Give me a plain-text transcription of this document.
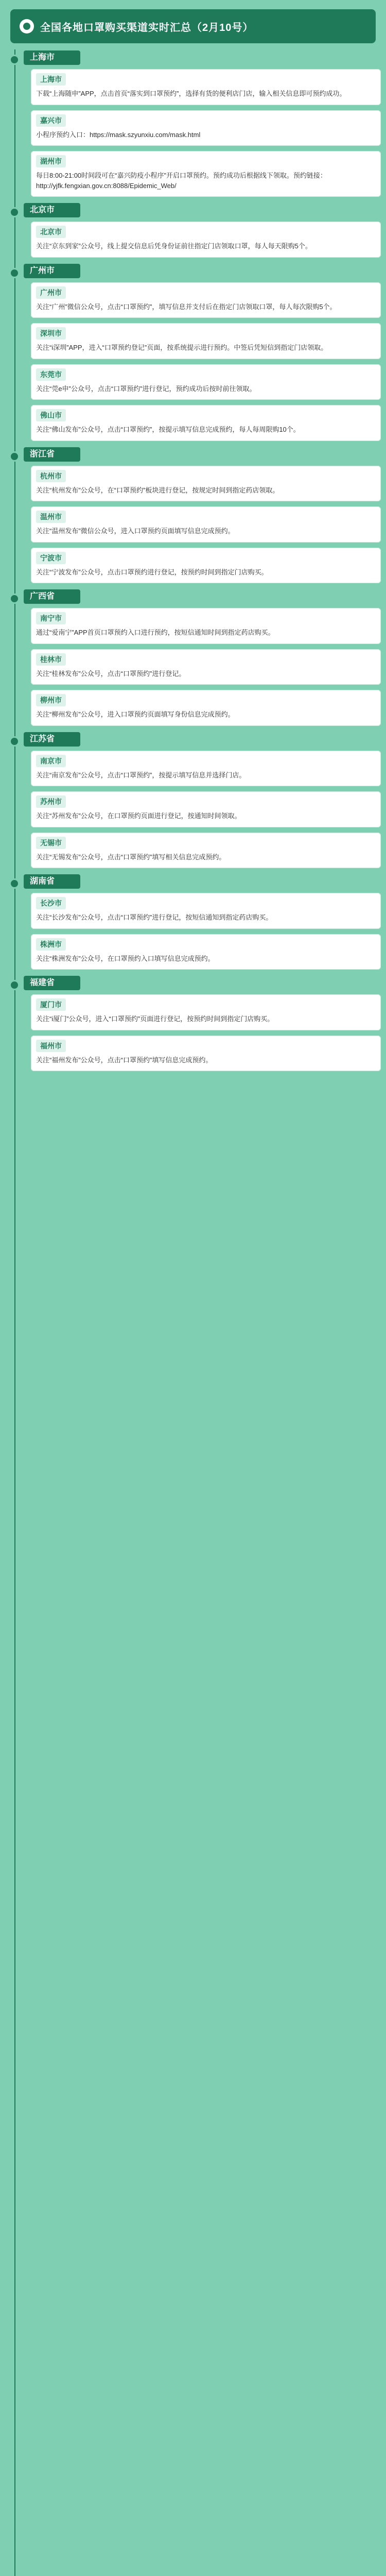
全国各地口罩购买渠道实时汇总（2月10号）
上海市
上海市
下载“上海随申”APP，点击首页“落实到口罩预约”，选择有货的便利店门店，输入相关信息即可预约成功。
嘉兴市
小程序预约入口：https://mask.szyunxiu.com/mask.html
湖州市
每日8:00-21:00时间段可在“嘉兴防疫小程序”开启口罩预约。预约成功后根据线下领取。预约链接：http://yjfk.fengxian.gov.cn:8088/Epidemic_Web/
北京市
北京市
关注“京东到家”公众号，线上提交信息后凭身份证前往指定门店领取口罩，每人每天限购5个。
广州市
广州市
关注“广州”微信公众号，点击“口罩预约”，填写信息并支付后在指定门店领取口罩，每人每次限购5个。
深圳市
关注“i深圳”APP，进入“口罩预约登记”页面，按系统提示进行预约。中签后凭短信到指定门店领取。
东莞市
关注“莞e申”公众号，点击“口罩预约”进行登记，预约成功后按时前往领取。
佛山市
关注“佛山发布”公众号，点击“口罩预约”，按提示填写信息完成预约，每人每周限购10个。
浙江省
杭州市
关注“杭州发布”公众号，在“口罩预约”板块进行登记，按规定时间到指定药店领取。
温州市
关注“温州发布”微信公众号，进入口罩预约页面填写信息完成预约。
宁波市
关注“宁波发布”公众号，点击口罩预约进行登记，按预约时间到指定门店购买。
广西省
南宁市
通过“爱南宁”APP首页口罩预约入口进行预约，按短信通知时间到指定药店购买。
桂林市
关注“桂林发布”公众号，点击“口罩预约”进行登记。
柳州市
关注“柳州发布”公众号，进入口罩预约页面填写身份信息完成预约。
江苏省
南京市
关注“南京发布”公众号，点击“口罩预约”，按提示填写信息并选择门店。
苏州市
关注“苏州发布”公众号，在口罩预约页面进行登记，按通知时间领取。
无锡市
关注“无锡发布”公众号，点击“口罩预约”填写相关信息完成预约。
湖南省
长沙市
关注“长沙发布”公众号，点击“口罩预约”进行登记，按短信通知到指定药店购买。
株洲市
关注“株洲发布”公众号，在口罩预约入口填写信息完成预约。
福建省
厦门市
关注“i厦门”公众号，进入“口罩预约”页面进行登记，按预约时间到指定门店购买。
福州市
关注“福州发布”公众号，点击“口罩预约”填写信息完成预约。
